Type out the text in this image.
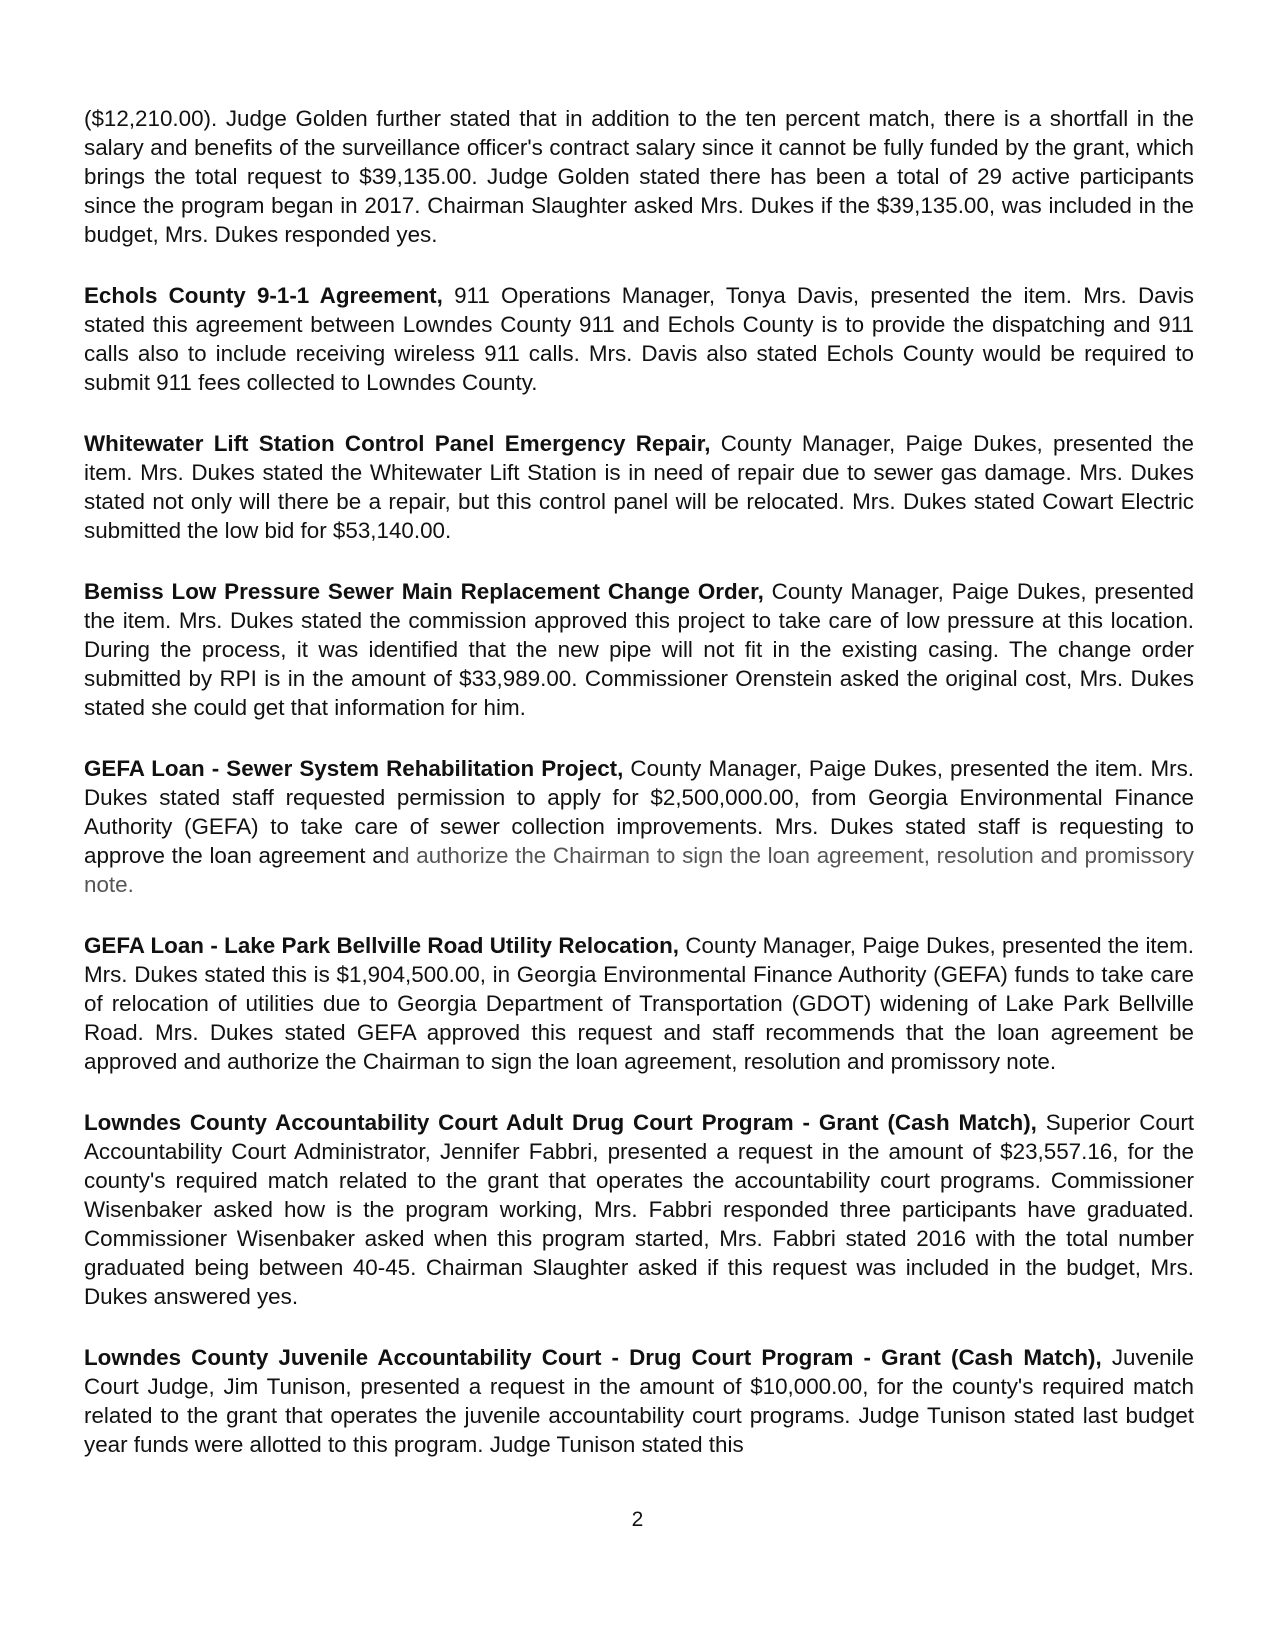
($12,210.00). Judge Golden further stated that in addition to the ten percent match, there is a shortfall in the salary and benefits of the surveillance officer's contract salary since it cannot be fully funded by the grant, which brings the total request to $39,135.00. Judge Golden stated there has been a total of 29 active participants since the program began in 2017. Chairman Slaughter asked Mrs. Dukes if the $39,135.00, was included in the budget, Mrs. Dukes responded yes.

Echols County 9-1-1 Agreement, 911 Operations Manager, Tonya Davis, presented the item. Mrs. Davis stated this agreement between Lowndes County 911 and Echols County is to provide the dispatching and 911 calls also to include receiving wireless 911 calls. Mrs. Davis also stated Echols County would be required to submit 911 fees collected to Lowndes County.

Whitewater Lift Station Control Panel Emergency Repair, County Manager, Paige Dukes, presented the item. Mrs. Dukes stated the Whitewater Lift Station is in need of repair due to sewer gas damage. Mrs. Dukes stated not only will there be a repair, but this control panel will be relocated. Mrs. Dukes stated Cowart Electric submitted the low bid for $53,140.00.

Bemiss Low Pressure Sewer Main Replacement Change Order, County Manager, Paige Dukes, presented the item. Mrs. Dukes stated the commission approved this project to take care of low pressure at this location. During the process, it was identified that the new pipe will not fit in the existing casing. The change order submitted by RPI is in the amount of $33,989.00. Commissioner Orenstein asked the original cost, Mrs. Dukes stated she could get that information for him.

GEFA Loan - Sewer System Rehabilitation Project, County Manager, Paige Dukes, presented the item. Mrs. Dukes stated staff requested permission to apply for $2,500,000.00, from Georgia Environmental Finance Authority (GEFA) to take care of sewer collection improvements. Mrs. Dukes stated staff is requesting to approve the loan agreement and authorize the Chairman to sign the loan agreement, resolution and promissory note.

GEFA Loan - Lake Park Bellville Road Utility Relocation, County Manager, Paige Dukes, presented the item. Mrs. Dukes stated this is $1,904,500.00, in Georgia Environmental Finance Authority (GEFA) funds to take care of relocation of utilities due to Georgia Department of Transportation (GDOT) widening of Lake Park Bellville Road. Mrs. Dukes stated GEFA approved this request and staff recommends that the loan agreement be approved and authorize the Chairman to sign the loan agreement, resolution and promissory note.

Lowndes County Accountability Court Adult Drug Court Program - Grant (Cash Match), Superior Court Accountability Court Administrator, Jennifer Fabbri, presented a request in the amount of $23,557.16, for the county's required match related to the grant that operates the accountability court programs. Commissioner Wisenbaker asked how is the program working, Mrs. Fabbri responded three participants have graduated. Commissioner Wisenbaker asked when this program started, Mrs. Fabbri stated 2016 with the total number graduated being between 40-45. Chairman Slaughter asked if this request was included in the budget, Mrs. Dukes answered yes.

Lowndes County Juvenile Accountability Court - Drug Court Program - Grant (Cash Match), Juvenile Court Judge, Jim Tunison, presented a request in the amount of $10,000.00, for the county's required match related to the grant that operates the juvenile accountability court programs. Judge Tunison stated last budget year funds were allotted to this program. Judge Tunison stated this

2
